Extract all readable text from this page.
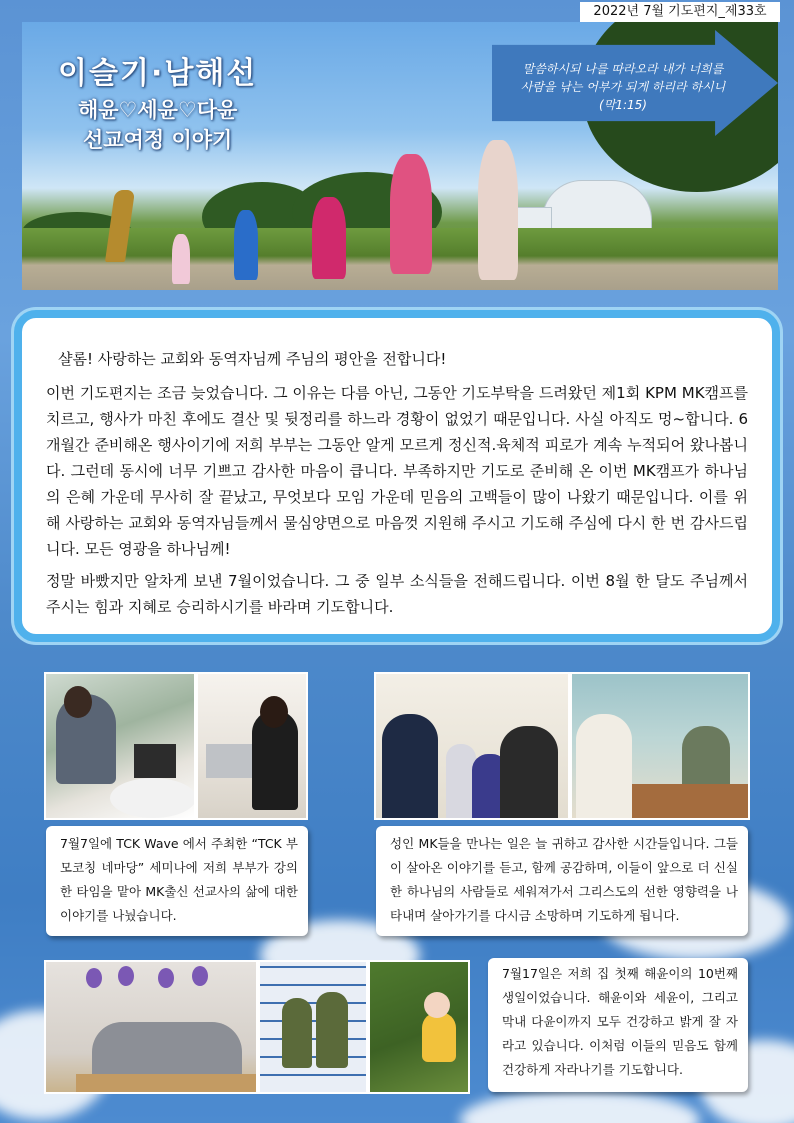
2022년 7월 기도편지_제33호
이슬기·남해선
해윤♡세윤♡다윤
선교여정 이야기
말씀하시되 나를 따라오라 내가 너희를
사람을 낚는 어부가 되게 하리라 하시니
(막1:15)

샬롬! 사랑하는 교회와 동역자님께 주님의 평안을 전합니다!

이번 기도편지는 조금 늦었습니다. 그 이유는 다름 아닌, 그동안 기도부탁을 드려왔던 제1회 KPM MK캠프를 치르고, 행사가 마친 후에도 결산 및 뒷정리를 하느라 경황이 없었기 때문입니다. 사실 아직도 멍~합니다. 6개월간 준비해온 행사이기에 저희 부부는 그동안 알게 모르게 정신적.육체적 피로가 계속 누적되어 왔나봅니다. 그런데 동시에 너무 기쁘고 감사한 마음이 큽니다. 부족하지만 기도로 준비해 온 이번 MK캠프가 하나님의 은혜 가운데 무사히 잘 끝났고, 무엇보다 모임 가운데 믿음의 고백들이 많이 나왔기 때문입니다. 이를 위해 사랑하는 교회와 동역자님들께서 물심양면으로 마음껏 지원해 주시고 기도해 주심에 다시 한 번 감사드립니다. 모든 영광을 하나님께!

정말 바빴지만 알차게 보낸 7월이었습니다. 그 중 일부 소식들을 전해드립니다. 이번 8월 한 달도 주님께서 주시는 힘과 지혜로 승리하시기를 바라며 기도합니다.

7월7일에 TCK Wave 에서 주최한 “TCK 부모코칭 네마당” 세미나에 저희 부부가 강의 한 타임을 맡아 MK출신 선교사의 삶에 대한 이야기를 나눴습니다.
성인 MK들을 만나는 일은 늘 귀하고 감사한 시간들입니다. 그들이 살아온 이야기를 듣고, 함께 공감하며, 이들이 앞으로 더 신실한 하나님의 사람들로 세워져가서 그리스도의 선한 영향력을 나타내며 살아가기를 다시금 소망하며 기도하게 됩니다.
7월17일은 저희 집 첫째 해윤이의 10번째 생일이었습니다. 해윤이와 세윤이, 그리고 막내 다윤이까지 모두 건강하고 밝게 잘 자라고 있습니다. 이처럼 이들의 믿음도 함께 건강하게 자라나기를 기도합니다.
